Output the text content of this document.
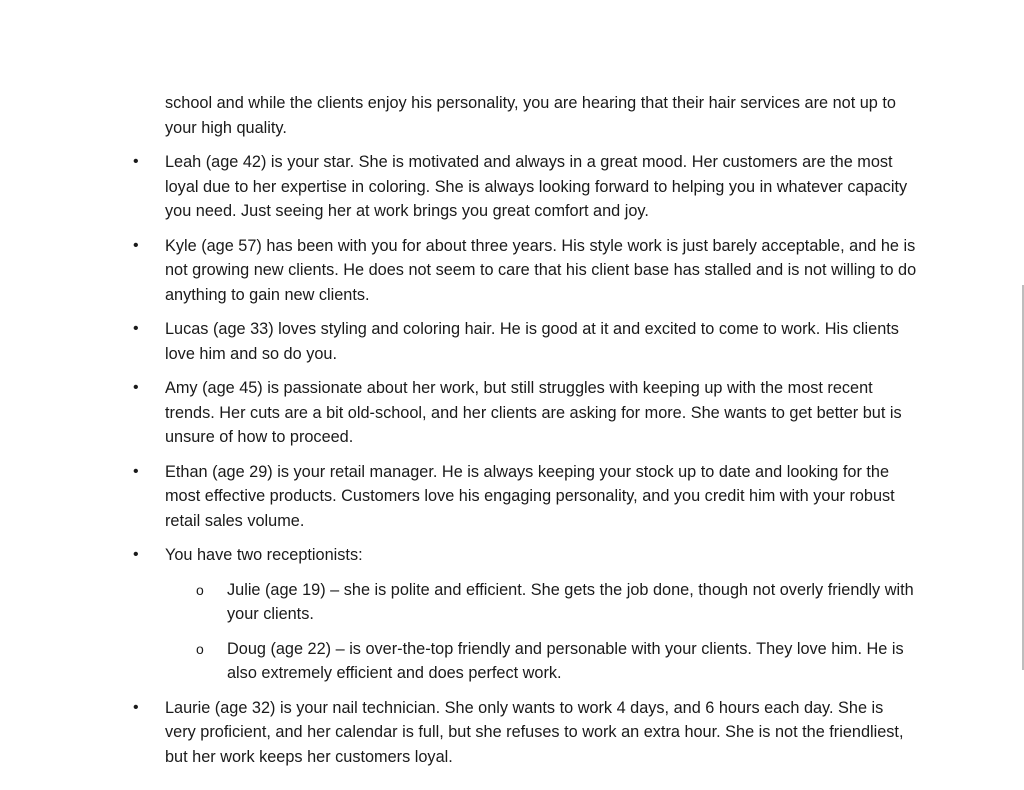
school and while the clients enjoy his personality, you are hearing that their hair services are not up to your high quality.

• Leah (age 42) is your star. She is motivated and always in a great mood. Her customers are the most loyal due to her expertise in coloring. She is always looking forward to helping you in whatever capacity you need. Just seeing her at work brings you great comfort and joy.

• Kyle (age 57) has been with you for about three years. His style work is just barely acceptable, and he is not growing new clients. He does not seem to care that his client base has stalled and is not willing to do anything to gain new clients.

• Lucas (age 33) loves styling and coloring hair. He is good at it and excited to come to work. His clients love him and so do you.

• Amy (age 45) is passionate about her work, but still struggles with keeping up with the most recent trends. Her cuts are a bit old-school, and her clients are asking for more. She wants to get better but is unsure of how to proceed.

• Ethan (age 29) is your retail manager. He is always keeping your stock up to date and looking for the most effective products. Customers love his engaging personality, and you credit him with your robust retail sales volume.

• You have two receptionists:

o Julie (age 19) – she is polite and efficient. She gets the job done, though not overly friendly with your clients.

o Doug (age 22) – is over-the-top friendly and personable with your clients. They love him. He is also extremely efficient and does perfect work.

• Laurie (age 32) is your nail technician. She only wants to work 4 days, and 6 hours each day. She is very proficient, and her calendar is full, but she refuses to work an extra hour. She is not the friendliest, but her work keeps her customers loyal.
